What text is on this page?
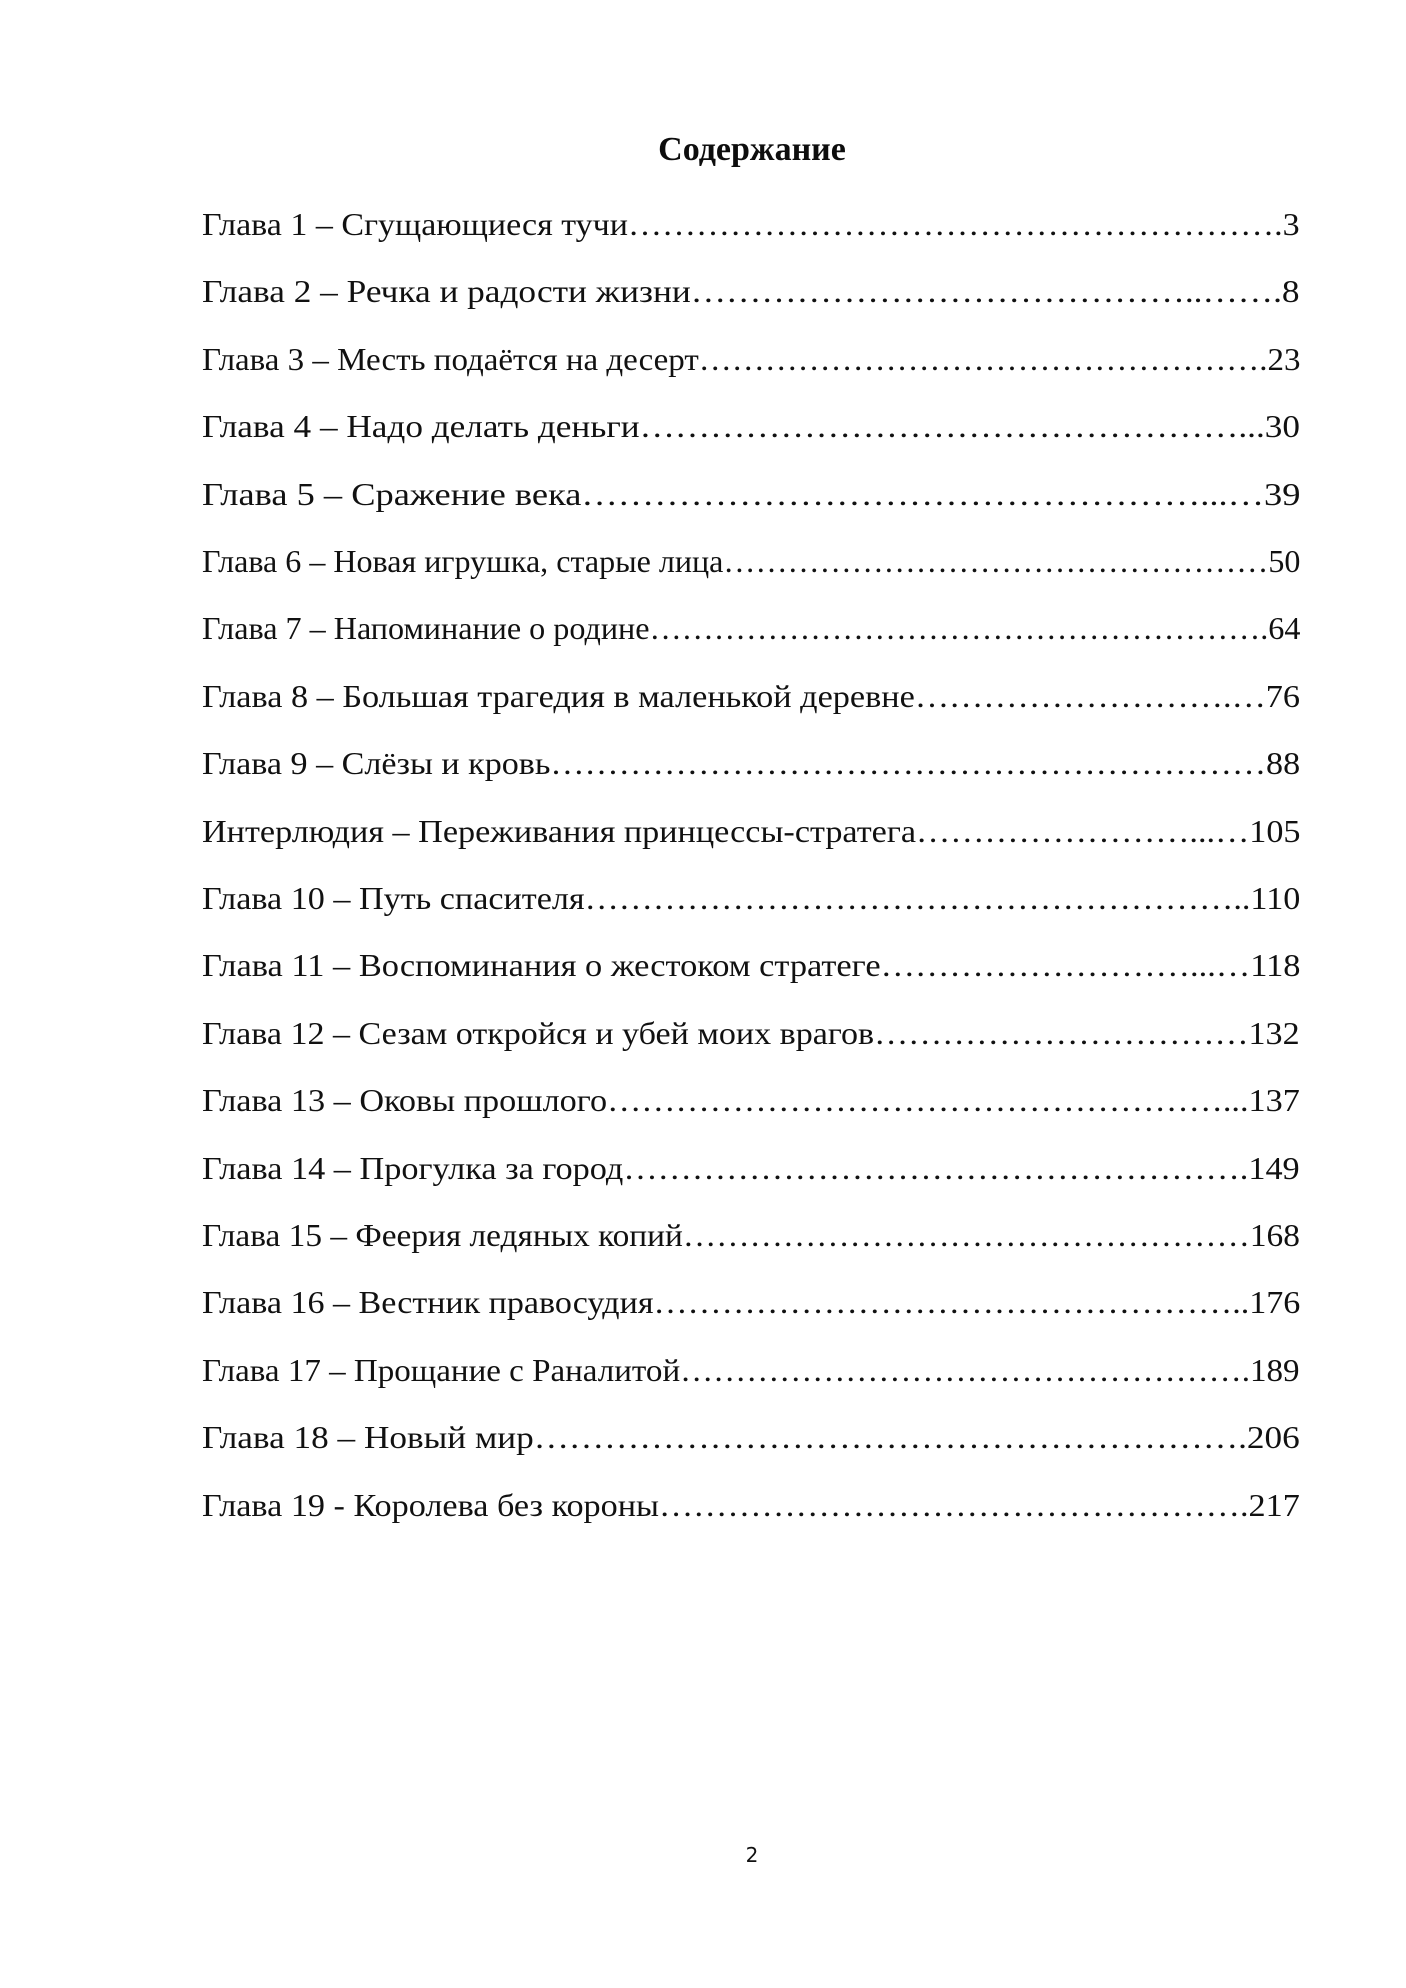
Содержание
Глава 1 – Сгущающиеся тучи………………………………………………….3
Глава 2 – Речка и радости жизни……………………………………..…….8
Глава 3 – Месть подаётся на десерт…………………………………………….23
Глава 4 – Надо делать деньги……………………………………………...30
Глава 5 – Сражение века……………………………………………...…39
Глава 6 – Новая игрушка, старые лица……………………………………………50
Глава 7 – Напоминание о родине………………………………………………….64
Глава 8 – Большая трагедия в маленькой деревне……………………….…76
Глава 9 – Слёзы и кровь………………………………………………………88
Интерлюдия – Переживания принцессы-стратега……………………...…105
Глава 10 – Путь спасителя…………………………………………………..110
Глава 11 – Воспоминания о жестоком стратеге………………………...…118
Глава 12 – Сезам откройся и убей моих врагов……………………………132
Глава 13 – Оковы прошлого………………………………………………...137
Глава 14 – Прогулка за город……………………………………………….149
Глава 15 – Феерия ледяных копий……………………………………………168
Глава 16 – Вестник правосудия……………………………………………..176
Глава 17 – Прощание с Раналитой…………………………………………….189
Глава 18 – Новый мир…………………………………………………….206
Глава 19 - Королева без короны…………………………………………….217
2
